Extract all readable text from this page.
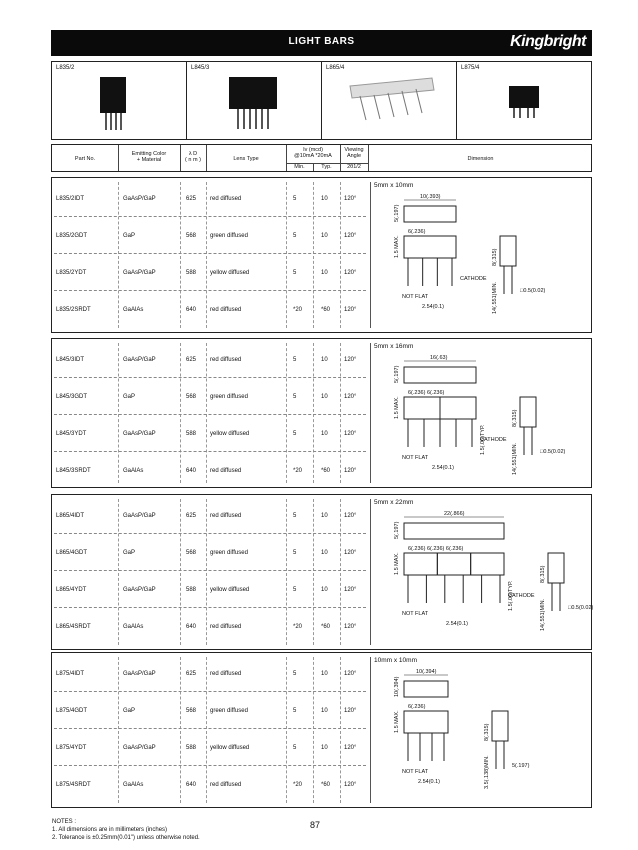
LIGHT BARS	Kingbright
L835/2	L845/3	L865/4	L875/4
Part No.
Emitting Color
+ Material
λ D
( n m )	Lens Type
Iv (mcd)
@10mA *20mA
Min.	Typ.
Viewing
Angle
2θ1/2
Dimension
L835/2IDT	GaAsP/GaP	625 red diffused	5	10	120°
L835/2GDT	GaP	568 green diffused	5	10	120°
L835/2YDT	GaAsP/GaP	588 yellow diffused	5	10	120°
L835/2SRDT	GaAlAs	640 red diffused	*20	*60 120°
5mm x 10mm
10(.393)
5(.197)
6(.236)
1.5 MAX.
NOT FLAT
2.54(0.1)
8(.315)
14(.551)MIN.	□0.5(0.02)
CATHODE
L845/3IDT	GaAsP/GaP	625 red diffused	5	10	120°
L845/3GDT	GaP	568 green diffused	5	10	120°
L845/3YDT	GaAsP/GaP	588 yellow diffused	5	10	120°
L845/3SRDT	GaAlAs	640 red diffused	*20	*60 120°
5mm x 16mm
16(.63)
5(.197)
6(.236) 6(.236)
1.5 MAX.
NOT FLAT
2.54(0.1)
8(.315)
14(.551)MIN.	□0.5(0.02)
CATHODE
1.5(.06)TYP.
L865/4IDT	GaAsP/GaP	625 red diffused	5	10	120°
L865/4GDT	GaP	568 green diffused	5	10	120°
L865/4YDT	GaAsP/GaP	588 yellow diffused	5	10	120°
L865/4SRDT	GaAlAs	640 red diffused	*20	*60 120°
5mm x 22mm
22(.866)
5(.197)
6(.236) 6(.236) 6(.236)
1.5 MAX.
NOT FLAT
2.54(0.1)
8(.315)
14(.551)MIN.	□0.5(0.02)
CATHODE
1.5(.06)TYP.
L875/4IDT	GaAsP/GaP	625 red diffused	5	10	120°
L875/4GDT	GaP	568 green diffused	5	10	120°
L875/4YDT	GaAsP/GaP	588 yellow diffused	5	10	120°
L875/4SRDT	GaAlAs	640 red diffused	*20	*60 120°
10mm x 10mm
10(.394)
10(.394)
6(.236)
1.5 MAX.
NOT FLAT
2.54(0.1)
8(.315)
3.5(.138)MIN.	5(.197)
NOTES :
1. All dimensions are in millimeters (inches)
2. Tolerance is ±0.25mm(0.01") unless otherwise noted.
87
